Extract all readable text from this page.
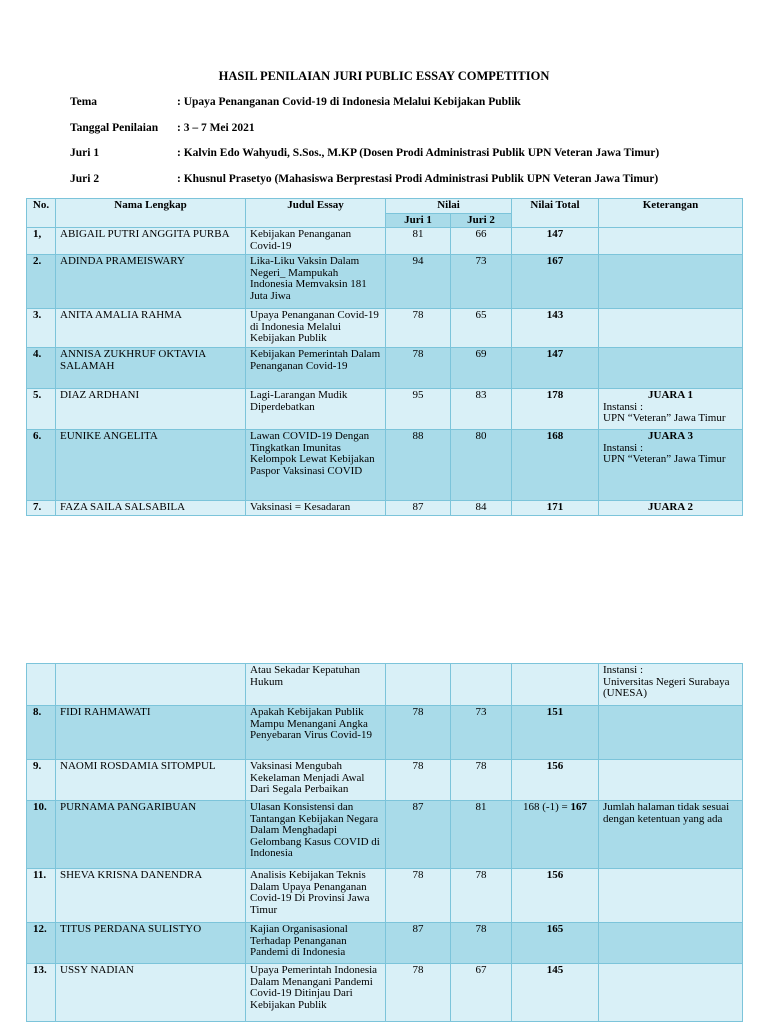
HASIL PENILAIAN JURI PUBLIC ESSAY COMPETITION
Tema	: Upaya Penanganan Covid-19 di Indonesia Melalui Kebijakan Publik
Tanggal Penilaian : 3 – 7 Mei 2021
Juri 1	: Kalvin Edo Wahyudi, S.Sos., M.KP (Dosen Prodi Administrasi Publik UPN Veteran Jawa Timur)
Juri 2	: Khusnul Prasetyo (Mahasiswa Berprestasi Prodi Administrasi Publik UPN Veteran Jawa Timur)
No.	Nama Lengkap	Judul Essay	Nilai		Nilai Total	Keterangan
			Juri 1	Juri 2		
1,	ABIGAIL PUTRI ANGGITA PURBA	Kebijakan Penanganan Covid-19	81	66	147	
2.	ADINDA PRAMEISWARY	Lika-Liku Vaksin Dalam Negeri_ Mampukah Indonesia Memvaksin 181 Juta Jiwa	94	73	167	
3.	ANITA AMALIA RAHMA	Upaya Penanganan Covid-19 di Indonesia Melalui Kebijakan Publik	78	65	143	
4.	ANNISA ZUKHRUF OKTAVIA SALAMAH	Kebijakan Pemerintah Dalam Penanganan Covid-19	78	69	147	
5.	DIAZ ARDHANI	Lagi-Larangan Mudik Diperdebatkan	95	83	178	JUARA 1
Instansi :
UPN “Veteran” Jawa Timur
6.	EUNIKE ANGELITA	Lawan COVID-19 Dengan Tingkatkan Imunitas Kelompok Lewat Kebijakan Paspor Vaksinasi COVID	88	80	168	JUARA 3
Instansi :
UPN “Veteran” Jawa Timur
7.	FAZA SAILA SALSABILA	Vaksinasi = Kesadaran	87	84	171	JUARA 2
		Atau Sekadar Kepatuhan Hukum				Instansi :
Universitas Negeri Surabaya (UNESA)
8.	FIDI RAHMAWATI	Apakah Kebijakan Publik Mampu Menangani Angka Penyebaran Virus Covid-19	78	73	151	
9.	NAOMI ROSDAMIA SITOMPUL	Vaksinasi Mengubah Kekelaman Menjadi Awal Dari Segala Perbaikan	78	78	156	
10.	PURNAMA PANGARIBUAN	Ulasan Konsistensi dan Tantangan Kebijakan Negara Dalam Menghadapi Gelombang Kasus COVID di Indonesia	87	81	168 (-1) = 167	Jumlah halaman tidak sesuai dengan ketentuan yang ada
11.	SHEVA KRISNA DANENDRA	Analisis Kebijakan Teknis Dalam Upaya Penanganan Covid-19 Di Provinsi Jawa Timur	78	78	156	
12.	TITUS PERDANA SULISTYO	Kajian Organisasional Terhadap Penanganan Pandemi di Indonesia	87	78	165	
13.	USSY NADIAN	Upaya Pemerintah Indonesia Dalam Menangani Pandemi Covid-19 Ditinjau Dari Kebijakan Publik	78	67	145	
